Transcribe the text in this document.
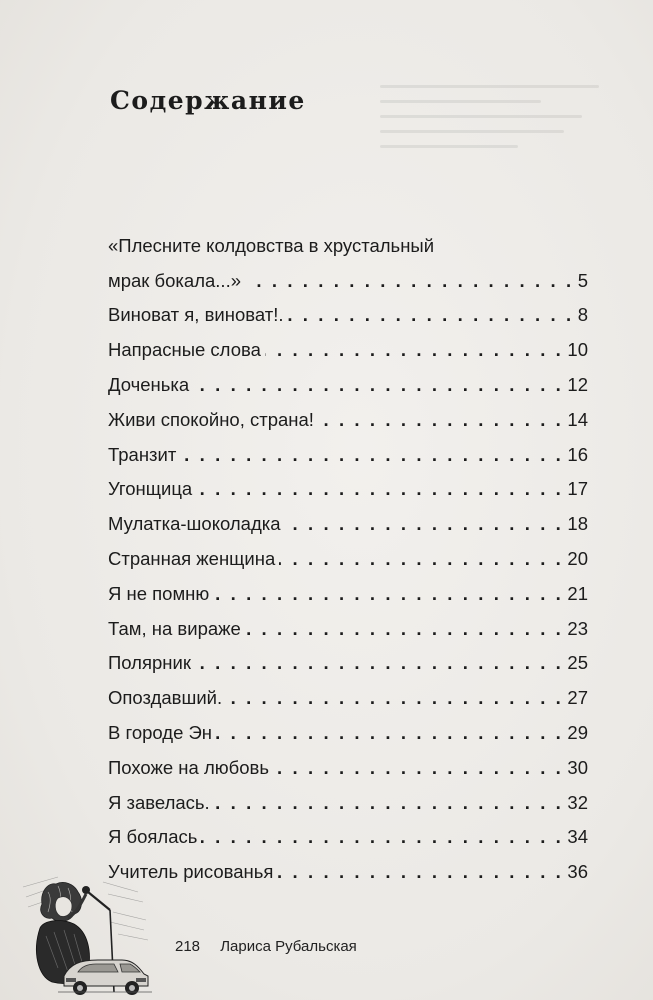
Содержание
«Плесните колдовства в хрустальный
мрак бокала...» . . .	5
Виноват я, виноват!. . . .	8
Напрасные слова . . .	10
Доченька . . .	12
Живи спокойно, страна! . . .	14
Транзит . . .	16
Угонщица . . .	17
Мулатка-шоколадка . . .	18
Странная женщина . . .	20
Я не помню . . .	21
Там, на вираже . . .	23
Полярник . . .	25
Опоздавший. . . .	27
В городе Эн . . .	29
Похоже на любовь . . .	30
Я завелась. . . .	32
Я боялась . . .	34
Учитель рисованья . . .	36
218 Лариса Рубальская
